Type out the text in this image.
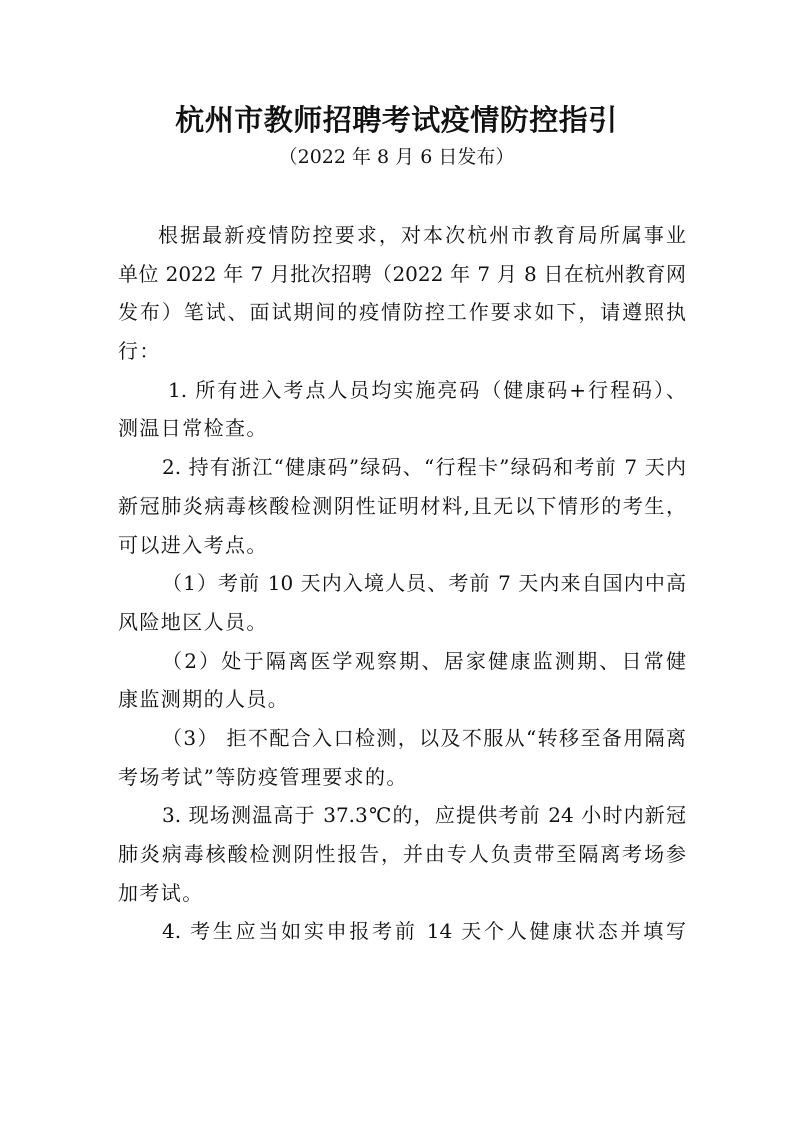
杭州市教师招聘考试疫情防控指引
（2022 年 8 月 6 日发布）
根据最新疫情防控要求，对本次杭州市教育局所属事业
单位 2022 年 7 月批次招聘（2022 年 7 月 8 日在杭州教育网
发布）笔试、面试期间的疫情防控工作要求如下，请遵照执
行：
1. 所有进入考点人员均实施亮码（健康码+行程码）、
测温日常检查。
2. 持有浙江“健康码”绿码、“行程卡”绿码和考前 7 天内
新冠肺炎病毒核酸检测阴性证明材料,且无以下情形的考生，
可以进入考点。
（1）考前 10 天内入境人员、考前 7 天内来自国内中高
风险地区人员。
（2）处于隔离医学观察期、居家健康监测期、日常健
康监测期的人员。
（3） 拒不配合入口检测，以及不服从“转移至备用隔离
考场考试”等防疫管理要求的。
3. 现场测温高于 37.3℃的，应提供考前 24 小时内新冠
肺炎病毒核酸检测阴性报告，并由专人负责带至隔离考场参
加考试。
4. 考生应当如实申报考前 14 天个人健康状态并填写
